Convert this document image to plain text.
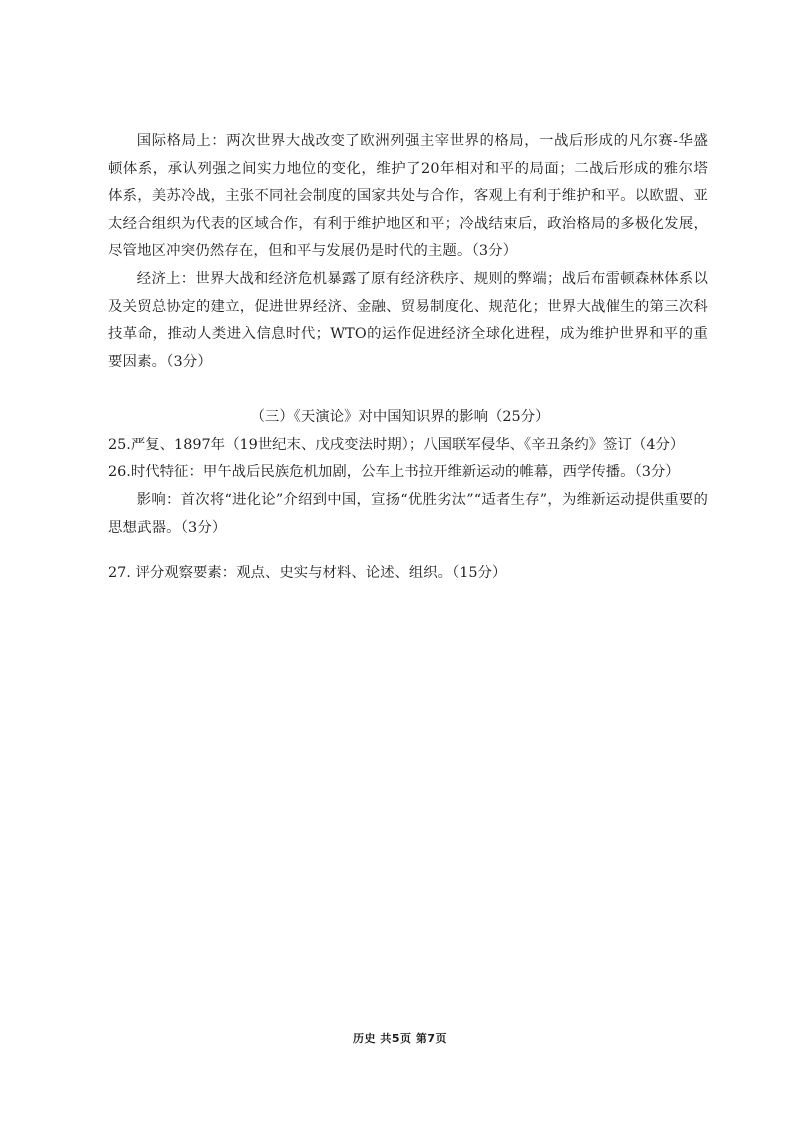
国际格局上：两次世界大战改变了欧洲列强主宰世界的格局，一战后形成的凡尔赛-华盛顿体系，承认列强之间实力地位的变化，维护了20年相对和平的局面；二战后形成的雅尔塔体系，美苏冷战，主张不同社会制度的国家共处与合作，客观上有利于维护和平。以欧盟、亚太经合组织为代表的区域合作，有利于维护地区和平；冷战结束后，政治格局的多极化发展，尽管地区冲突仍然存在，但和平与发展仍是时代的主题。（3分）
经济上：世界大战和经济危机暴露了原有经济秩序、规则的弊端；战后布雷顿森林体系以及关贸总协定的建立，促进世界经济、金融、贸易制度化、规范化；世界大战催生的第三次科技革命，推动人类进入信息时代；WTO的运作促进经济全球化进程，成为维护世界和平的重要因素。（3分）
（三）《天演论》对中国知识界的影响（25分）
25.严复、1897年（19世纪末、戊戌变法时期）；八国联军侵华、《辛丑条约》签订（4分）
26.时代特征：甲午战后民族危机加剧，公车上书拉开维新运动的帷幕，西学传播。（3分）
影响：首次将“进化论”介绍到中国，宣扬“优胜劣汰”“适者生存”，为维新运动提供重要的思想武器。（3分）
27. 评分观察要素：观点、史实与材料、论述、组织。（15分）
历史 共5页 第7页
